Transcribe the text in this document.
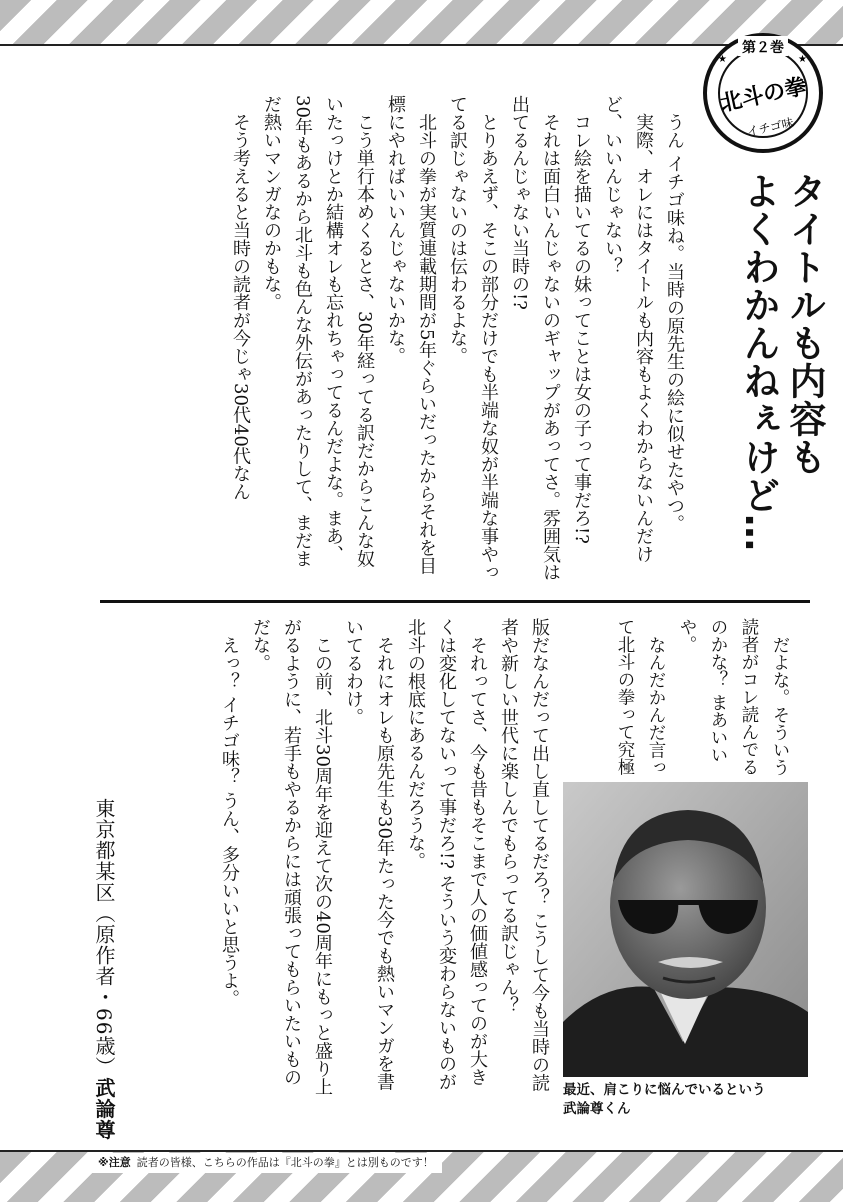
第２巻
北斗の拳
イチゴ味
★	★
タイトルも内容も
よくわかんねぇけど…

うん イチゴ味ね。当時の原先生の絵に似せたやつ。

実際、オレにはタイトルも内容もよくわからないんだけど、いいんじゃない？

コレ絵を描いてるの妹ってことは女の子って事だろ!?

それは面白いんじゃないのギャップがあってさ。雰囲気は出てるんじゃない当時の!?

とりあえず、そこの部分だけでも半端な奴が半端な事やってる訳じゃないのは伝わるよな。

北斗の拳が実質連載期間が5年ぐらいだったからそれを目標にやればいいんじゃないかな。

こう単行本めくるとさ、30年経ってる訳だからこんな奴いたっけとか結構オレも忘れちゃってるんだよな。まあ、30年もあるから北斗も色んな外伝があったりして、まだまだ熱いマンガなのかもな。

そう考えると当時の読者が今じゃ30代40代なん

だよな。そういう読者がコレ読んでるのかな？ まあいいや。

なんだかんだ言って北斗の拳って究極

版だなんだって出し直してるだろ？ こうして今も当時の読者や新しい世代に楽しんでもらってる訳じゃん？

それってさ、今も昔もそこまで人の価値感ってのが大きくは変化してないって事だろ!? そういう変わらないものが北斗の根底にあるんだろうな。

それにオレも原先生も30年たった今でも熱いマンガを書いてるわけ。

この前、北斗30周年を迎えて次の40周年にもっと盛り上がるように、若手もやるからには頑張ってもらいたいものだな。

えっ？ イチゴ味？ うん、多分いいと思うよ。

東京都某区（原作者・66歳）武論尊	最近、肩こりに悩んでいるという
武論尊くん
※注意 読者の皆様、こちらの作品は『北斗の拳』とは別ものです！
